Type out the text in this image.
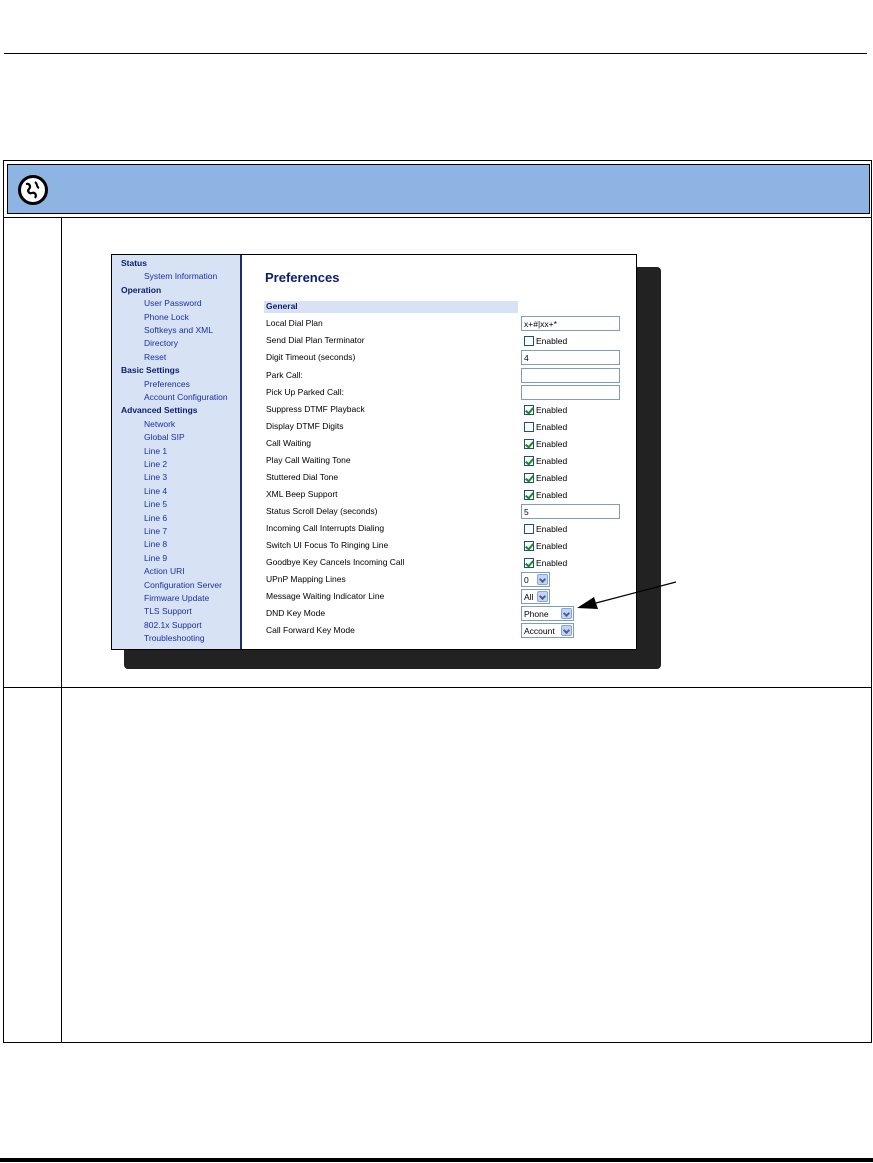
Status
System Information
Operation
User Password
Phone Lock
Softkeys and XML
Directory
Reset
Basic Settings
Preferences
Account Configuration
Advanced Settings
Network
Global SIP
Line 1
Line 2
Line 3
Line 4
Line 5
Line 6
Line 7
Line 8
Line 9
Action URI
Configuration Server
Firmware Update
TLS Support
802.1x Support
Troubleshooting
Preferences
General
Local Dial Plan	x+#|xx+*
Send Dial Plan Terminator	Enabled
Digit Timeout (seconds)	4
Park Call:
Pick Up Parked Call:
Suppress DTMF Playback	Enabled
Display DTMF Digits	Enabled
Call Waiting	Enabled
Play Call Waiting Tone	Enabled
Stuttered Dial Tone	Enabled
XML Beep Support	Enabled
Status Scroll Delay (seconds)	5
Incoming Call Interrupts Dialing	Enabled
Switch UI Focus To Ringing Line	Enabled
Goodbye Key Cancels Incoming Call	Enabled
UPnP Mapping Lines	0
Message Waiting Indicator Line	All
DND Key Mode	Phone
Call Forward Key Mode	Account
